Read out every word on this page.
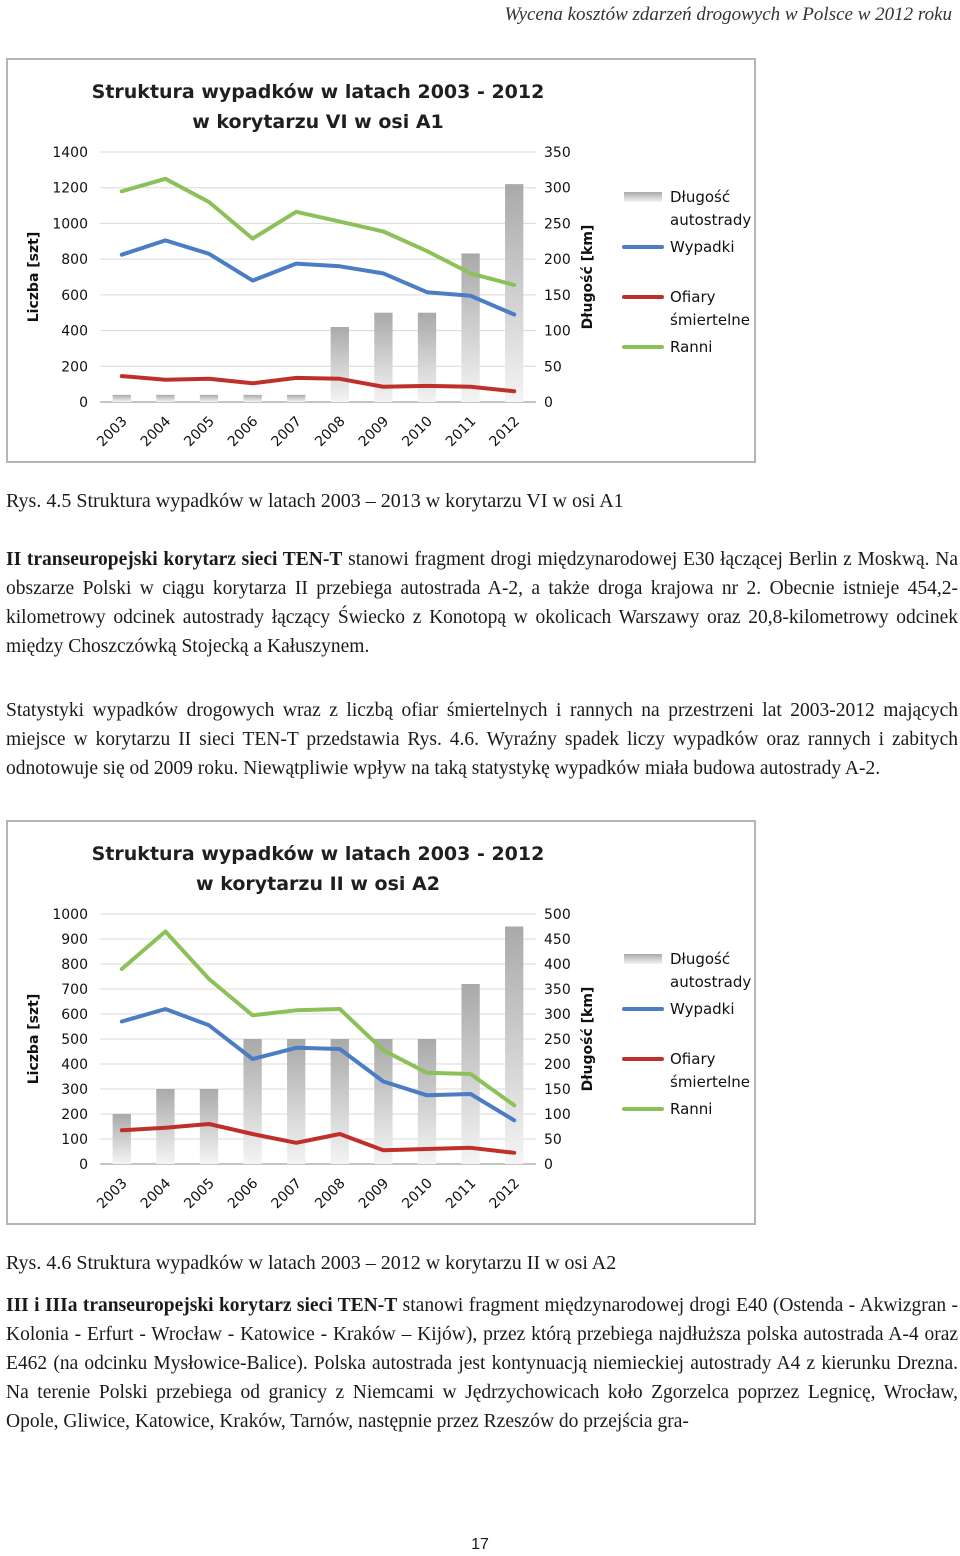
Wycena kosztów zdarzeń drogowych w Polsce w 2012 roku
Struktura wypadków w latach 2003 - 2012
w korytarzu VI w osi A1
0	0
200	50
400	100
600	150
800	200
1000	250
1200	300
1400	350
Liczba [szt]	Długość [km]
2003 2004 2005 2006 2007 2008 2009 2010 2011 2012
Długość
autostrady
Wypadki
Ofiary
śmiertelne
Ranni
Rys. 4.5 Struktura wypadków w latach 2003 – 2013 w korytarzu VI w osi A1

II transeuropejski korytarz sieci TEN-T stanowi fragment drogi międzynarodowej E30 łączącej Berlin z Moskwą. Na obszarze Polski w ciągu korytarza II przebiega autostrada A-2, a także droga krajowa nr 2. Obecnie istnieje 454,2-kilometrowy odcinek autostrady łączący Świecko z Konotopą w okolicach Warszawy oraz 20,8-kilometrowy odcinek między Choszczówką Stojecką a Kałuszynem.

Statystyki wypadków drogowych wraz z liczbą ofiar śmiertelnych i rannych na przestrzeni lat 2003-2012 mających miejsce w korytarzu II sieci TEN-T przedstawia Rys. 4.6. Wyraźny spadek liczy wypadków oraz rannych i zabitych odnotowuje się od 2009 roku. Niewątpliwie wpływ na taką statystykę wypadków miała budowa autostrady A-2.

Struktura wypadków w latach 2003 - 2012
w korytarzu II w osi A2
0	0
100	50
200	100
300	150
400	200
500	250
600	300
700	350
800	400
900	450
1000	500
Liczba [szt]	Długość [km]
2003 2004 2005 2006 2007 2008 2009 2010 2011 2012
Długość
autostrady
Wypadki
Ofiary
śmiertelne
Ranni
Rys. 4.6 Struktura wypadków w latach 2003 – 2012 w korytarzu II w osi A2

III i IIIa transeuropejski korytarz sieci TEN-T stanowi fragment międzynarodowej drogi E40 (Ostenda - Akwizgran - Kolonia - Erfurt - Wrocław - Katowice - Kraków – Kijów), przez którą przebiega najdłuższa polska autostrada A-4 oraz E462 (na odcinku Mysłowice-Balice). Polska autostrada jest kontynuacją niemieckiej autostrady A4 z kierunku Drezna. Na terenie Polski przebiega od granicy z Niemcami w Jędrzychowicach koło Zgorzelca poprzez Legnicę, Wrocław, Opole, Gliwice, Katowice, Kraków, Tarnów, następnie przez Rzeszów do przejścia gra-

17
